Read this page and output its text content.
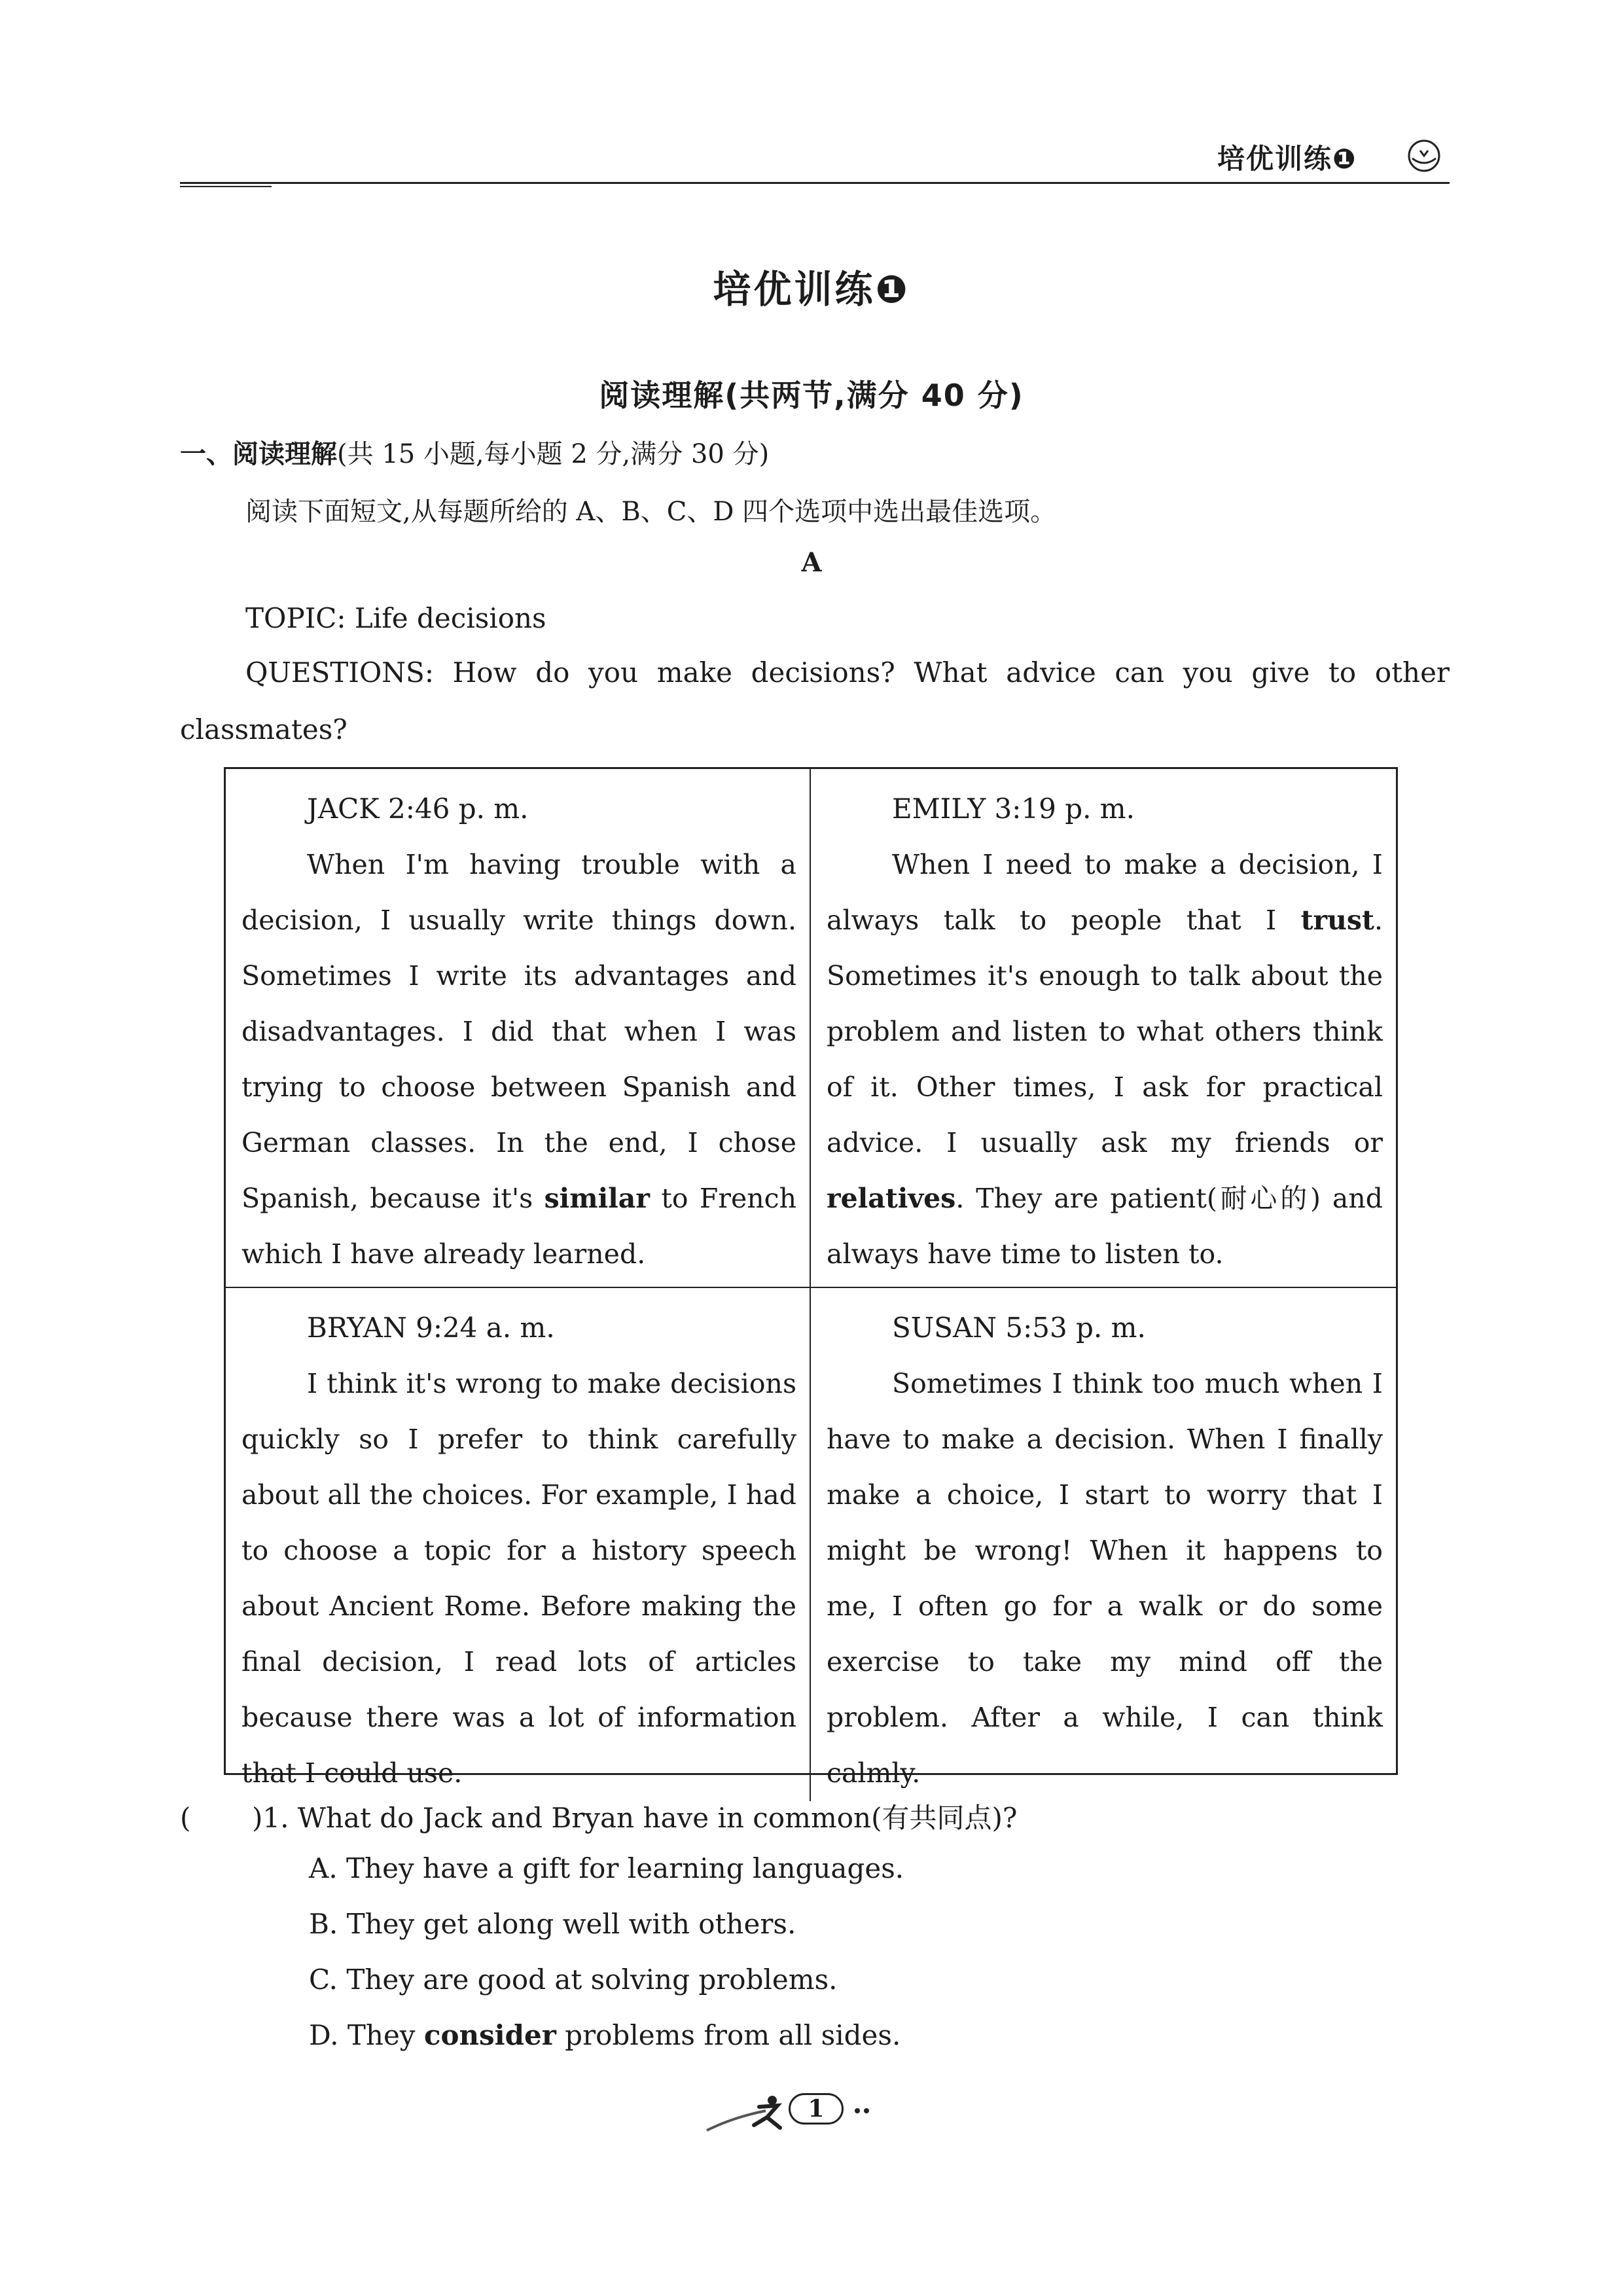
培优训练❶
培优训练❶
阅读理解(共两节,满分 40 分)
一、阅读理解(共 15 小题,每小题 2 分,满分 30 分)
阅读下面短文,从每题所给的 A、B、C、D 四个选项中选出最佳选项。
A
TOPIC: Life decisions
QUESTIONS: How do you make decisions? What advice can you give to other
classmates?
JACK 2:46 p. m.

When I'm having trouble with a decision, I usually write things down. Sometimes I write its advantages and disadvantages. I did that when I was trying to choose between Spanish and German classes. In the end, I chose Spanish, because it's similar to French which I have already learned.

EMILY 3:19 p. m.

When I need to make a decision, I always talk to people that I trust. Sometimes it's enough to talk about the problem and listen to what others think of it. Other times, I ask for practical advice. I usually ask my friends or relatives. They are patient(耐心的) and always have time to listen to.

BRYAN 9:24 a. m.

I think it's wrong to make decisions quickly so I prefer to think carefully about all the choices. For example, I had to choose a topic for a history speech about Ancient Rome. Before making the final decision, I read lots of articles because there was a lot of information that I could use.

SUSAN 5:53 p. m.

Sometimes I think too much when I have to make a decision. When I finally make a choice, I start to worry that I might be wrong! When it happens to me, I often go for a walk or do some exercise to take my mind off the problem. After a while, I can think calmly.

( )1. What do Jack and Bryan have in common(有共同点)?
A. They have a gift for learning languages.
B. They get along well with others.
C. They are good at solving problems.
D. They consider problems from all sides.
1
